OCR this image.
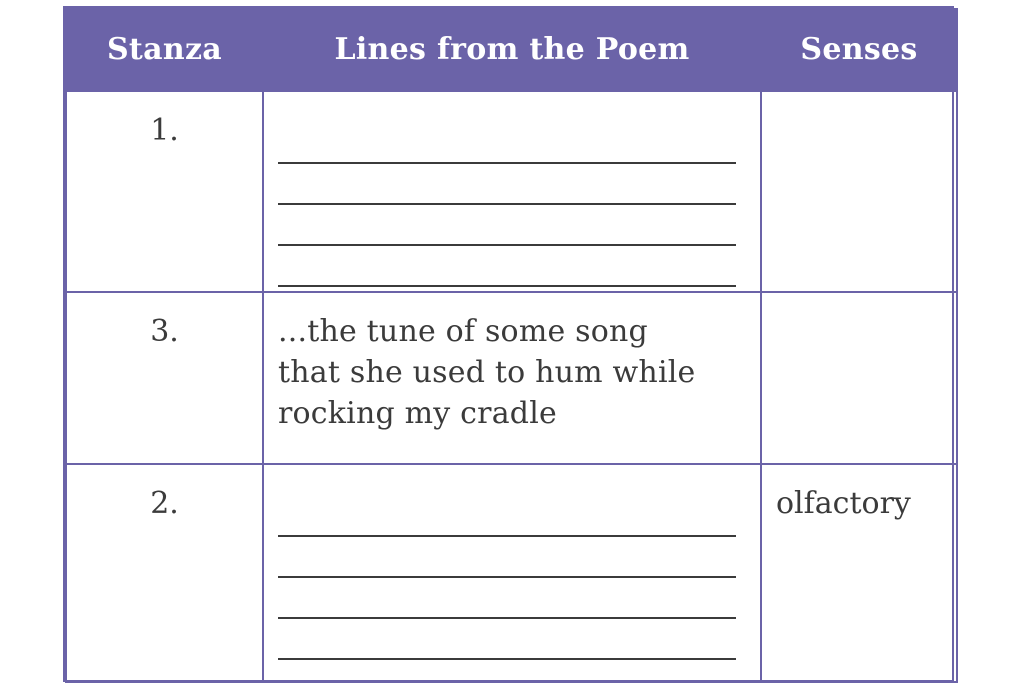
Stanza	Lines from the Poem	Senses

1.		

3.	...the tune of some song
that she used to hum while
rocking my cradle	

2.		olfactory
